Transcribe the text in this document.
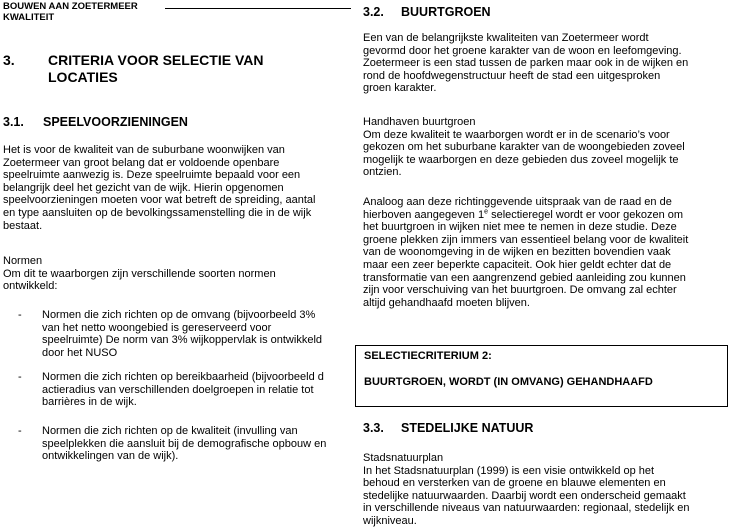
BOUWEN AAN ZOETERMEER
KWALITEIT
3. CRITERIA VOOR SELECTIE VAN
LOCATIES
3.1. SPEELVOORZIENINGEN

Het is voor de kwaliteit van de suburbane woonwijken van
Zoetermeer van groot belang dat er voldoende openbare
speelruimte aanwezig is. Deze speelruimte bepaald voor een
belangrijk deel het gezicht van de wijk. Hierin opgenomen
speelvoorzieningen moeten voor wat betreft de spreiding, aantal
en type aansluiten op de bevolkingssamenstelling die in de wijk
bestaat.

Normen

Om dit te waarborgen zijn verschillende soorten normen
ontwikkeld:

- Normen die zich richten op de omvang (bijvoorbeeld 3%
van het netto woongebied is gereserveerd voor
speelruimte) De norm van 3% wijkoppervlak is ontwikkeld
door het NUSO
- Normen die zich richten op bereikbaarheid (bijvoorbeeld d
actieradius van verschillenden doelgroepen in relatie tot
barrières in de wijk.
- Normen die zich richten op de kwaliteit (invulling van
speelplekken die aansluit bij de demografische opbouw en
ontwikkelingen van de wijk).
3.2. BUURTGROEN

Een van de belangrijkste kwaliteiten van Zoetermeer wordt
gevormd door het groene karakter van de woon en leefomgeving.
Zoetermeer is een stad tussen de parken maar ook in de wijken en
rond de hoofdwegenstructuur heeft de stad een uitgesproken
groen karakter.

Handhaven buurtgroen

Om deze kwaliteit te waarborgen wordt er in de scenario’s voor
gekozen om het suburbane karakter van de woongebieden zoveel
mogelijk te waarborgen en deze gebieden dus zoveel mogelijk te
ontzien.

Analoog aan deze richtinggevende uitspraak van de raad en de
hierboven aangegeven 1e selectieregel wordt er voor gekozen om
het buurtgroen in wijken niet mee te nemen in deze studie. Deze
groene plekken zijn immers van essentieel belang voor de kwaliteit
van de woonomgeving in de wijken en bezitten bovendien vaak
maar een zeer beperkte capaciteit. Ook hier geldt echter dat de
transformatie van een aangrenzend gebied aanleiding zou kunnen
zijn voor verschuiving van het buurtgroen. De omvang zal echter
altijd gehandhaafd moeten blijven.

SELECTIECRITERIUM 2:
BUURTGROEN, WORDT (IN OMVANG) GEHANDHAAFD
3.3. STEDELIJKE NATUUR

Stadsnatuurplan

In het Stadsnatuurplan (1999) is een visie ontwikkeld op het
behoud en versterken van de groene en blauwe elementen en
stedelijke natuurwaarden. Daarbij wordt een onderscheid gemaakt
in verschillende niveaus van natuurwaarden: regionaal, stedelijk en
wijkniveau.
